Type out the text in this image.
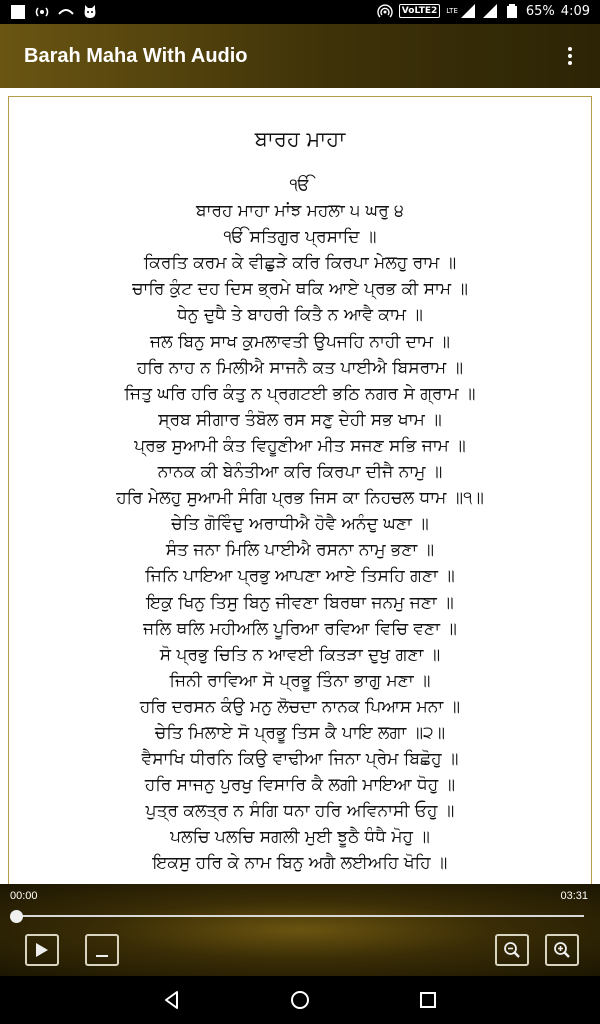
VoLTE2	LTE	65% 4:09
Barah Maha With Audio
ਬਾਰਹ ਮਾਹਾ
ੴ
ਬਾਰਹ ਮਾਹਾ ਮਾਂਝ ਮਹਲਾ ੫ ਘਰੁ ੪
ੴ ਸਤਿਗੁਰ ਪ੍ਰਸਾਦਿ ॥
ਕਿਰਤਿ ਕਰਮ ਕੇ ਵੀਛੁੜੇ ਕਰਿ ਕਿਰਪਾ ਮੇਲਹੁ ਰਾਮ ॥
ਚਾਰਿ ਕੁੰਟ ਦਹ ਦਿਸ ਭ੍ਰਮੇ ਥਕਿ ਆਏ ਪ੍ਰਭ ਕੀ ਸਾਮ ॥
ਧੇਨੁ ਦੁਧੈ ਤੇ ਬਾਹਰੀ ਕਿਤੈ ਨ ਆਵੈ ਕਾਮ ॥
ਜਲ ਬਿਨੁ ਸਾਖ ਕੁਮਲਾਵਤੀ ਉਪਜਹਿ ਨਾਹੀ ਦਾਮ ॥
ਹਰਿ ਨਾਹ ਨ ਮਿਲੀਐ ਸਾਜਨੈ ਕਤ ਪਾਈਐ ਬਿਸਰਾਮ ॥
ਜਿਤੁ ਘਰਿ ਹਰਿ ਕੰਤੁ ਨ ਪ੍ਰਗਟਈ ਭਠਿ ਨਗਰ ਸੇ ਗ੍ਰਾਮ ॥
ਸ੍ਰਬ ਸੀਗਾਰ ਤੰਬੋਲ ਰਸ ਸਣੁ ਦੇਹੀ ਸਭ ਖਾਮ ॥
ਪ੍ਰਭ ਸੁਆਮੀ ਕੰਤ ਵਿਹੂਣੀਆ ਮੀਤ ਸਜਣ ਸਭਿ ਜਾਮ ॥
ਨਾਨਕ ਕੀ ਬੇਨੰਤੀਆ ਕਰਿ ਕਿਰਪਾ ਦੀਜੈ ਨਾਮੁ ॥
ਹਰਿ ਮੇਲਹੁ ਸੁਆਮੀ ਸੰਗਿ ਪ੍ਰਭ ਜਿਸ ਕਾ ਨਿਹਚਲ ਧਾਮ ॥੧॥
ਚੇਤਿ ਗੋਵਿੰਦੁ ਅਰਾਧੀਐ ਹੋਵੈ ਅਨੰਦੁ ਘਣਾ ॥
ਸੰਤ ਜਨਾ ਮਿਲਿ ਪਾਈਐ ਰਸਨਾ ਨਾਮੁ ਭਣਾ ॥
ਜਿਨਿ ਪਾਇਆ ਪ੍ਰਭੁ ਆਪਣਾ ਆਏ ਤਿਸਹਿ ਗਣਾ ॥
ਇਕੁ ਖਿਨੁ ਤਿਸੁ ਬਿਨੁ ਜੀਵਣਾ ਬਿਰਥਾ ਜਨਮੁ ਜਣਾ ॥
ਜਲਿ ਥਲਿ ਮਹੀਅਲਿ ਪੂਰਿਆ ਰਵਿਆ ਵਿਚਿ ਵਣਾ ॥
ਸੋ ਪ੍ਰਭੁ ਚਿਤਿ ਨ ਆਵਈ ਕਿਤੜਾ ਦੁਖੁ ਗਣਾ ॥
ਜਿਨੀ ਰਾਵਿਆ ਸੋ ਪ੍ਰਭੂ ਤਿੰਨਾ ਭਾਗੁ ਮਣਾ ॥
ਹਰਿ ਦਰਸਨ ਕੰਉ ਮਨੁ ਲੋਚਦਾ ਨਾਨਕ ਪਿਆਸ ਮਨਾ ॥
ਚੇਤਿ ਮਿਲਾਏ ਸੋ ਪ੍ਰਭੂ ਤਿਸ ਕੈ ਪਾਇ ਲਗਾ ॥੨॥
ਵੈਸਾਖਿ ਧੀਰਨਿ ਕਿਉ ਵਾਢੀਆ ਜਿਨਾ ਪ੍ਰੇਮ ਬਿਛੋਹੁ ॥
ਹਰਿ ਸਾਜਨੁ ਪੁਰਖੁ ਵਿਸਾਰਿ ਕੈ ਲਗੀ ਮਾਇਆ ਧੋਹੁ ॥
ਪੁਤ੍ਰ ਕਲਤ੍ਰ ਨ ਸੰਗਿ ਧਨਾ ਹਰਿ ਅਵਿਨਾਸੀ ਓਹੁ ॥
ਪਲਚਿ ਪਲਚਿ ਸਗਲੀ ਮੁਈ ਝੂਠੈ ਧੰਧੈ ਮੋਹੁ ॥
ਇਕਸੁ ਹਰਿ ਕੇ ਨਾਮ ਬਿਨੁ ਅਗੈ ਲਈਅਹਿ ਖੋਹਿ ॥
00:00	03:31
